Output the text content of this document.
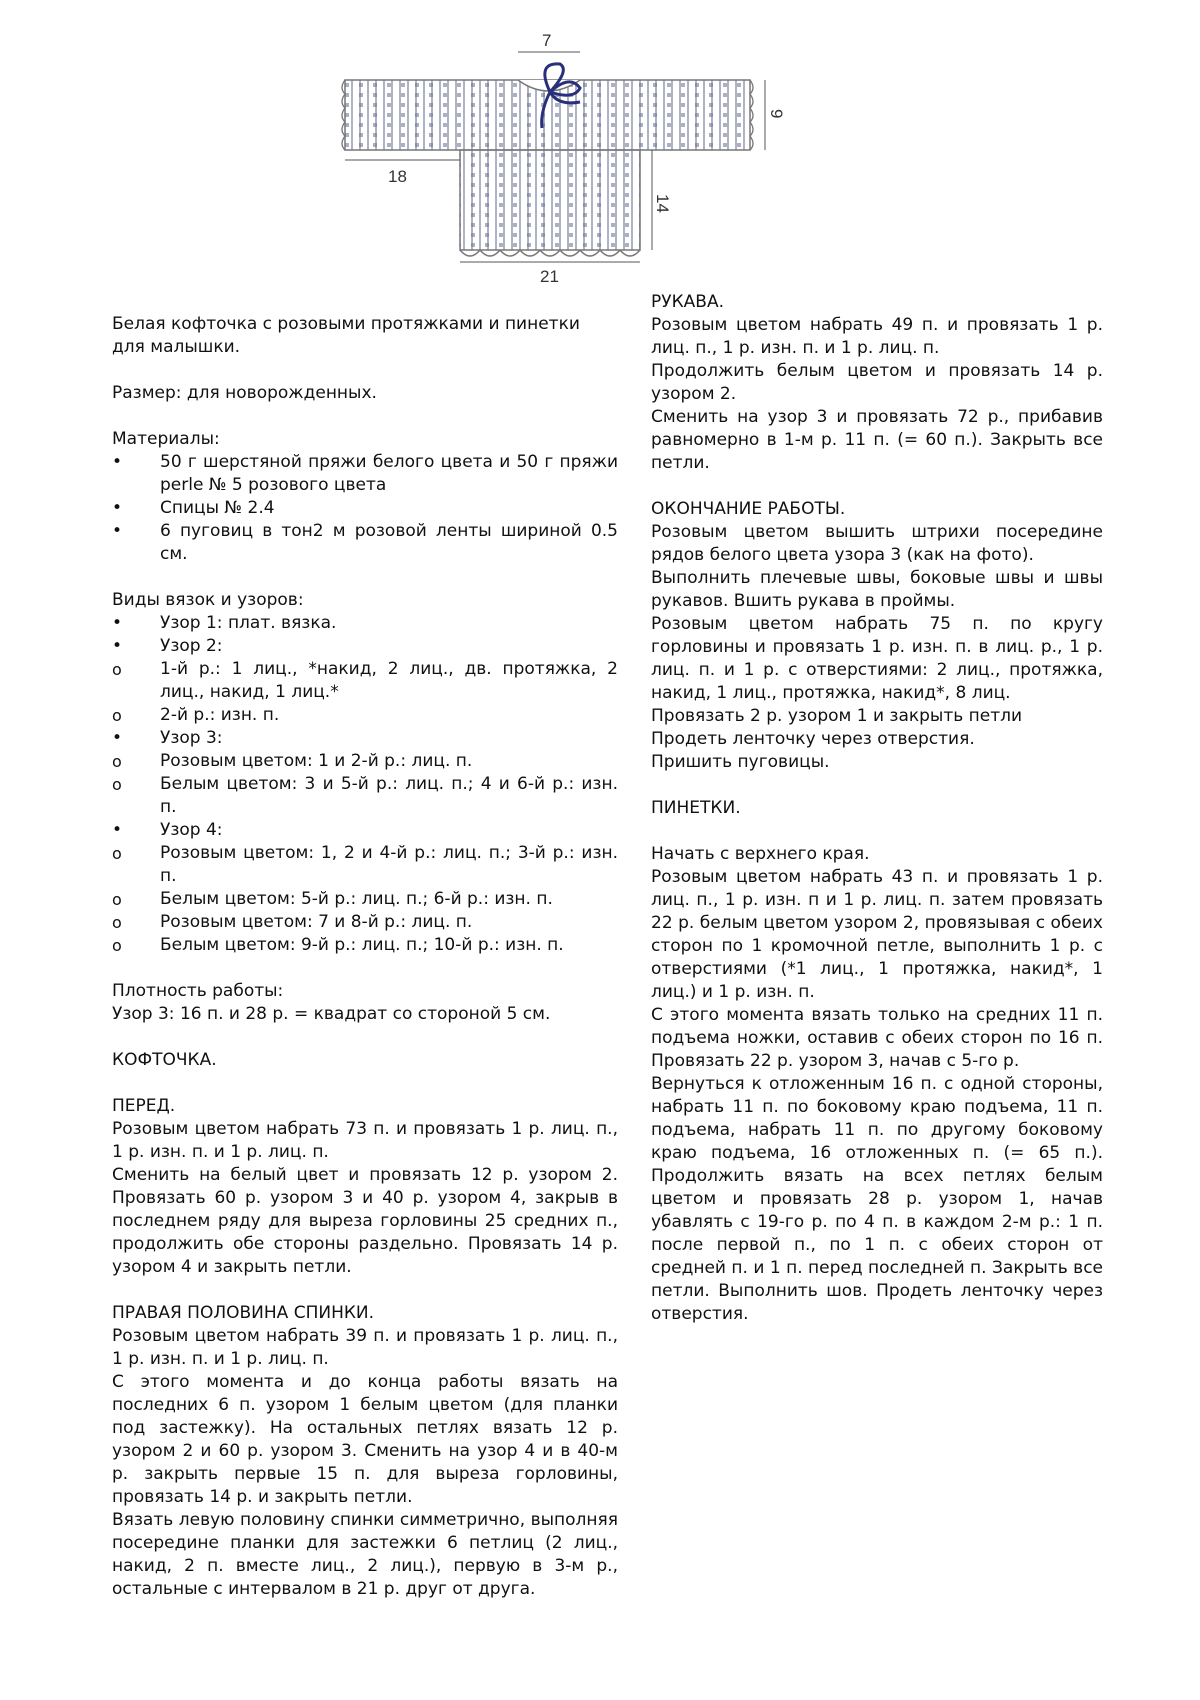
7
18
9
14
21

Белая кофточка с розовыми протяжками и пинетки

для малышки.

Размер: для новорожденных.

Материалы:

•	50 г шерстяной пряжи белого цвета и 50 г пряжи perle № 5 розового цвета
•	Спицы № 2.4
•	6 пуговиц в тон2 м розовой ленты шириной 0.5 см.

Виды вязок и узоров:

•	Узор 1: плат. вязка.
•	Узор 2:
o	1-й р.: 1 лиц., *накид, 2 лиц., дв. протяжка, 2 лиц., накид, 1 лиц.*
o	2-й р.: изн. п.
•	Узор 3:
o	Розовым цветом: 1 и 2-й р.: лиц. п.
o	Белым цветом: 3 и 5-й р.: лиц. п.; 4 и 6-й р.: изн. п.
•	Узор 4:
o	Розовым цветом: 1, 2 и 4-й р.: лиц. п.; 3-й р.: изн. п.
o	Белым цветом: 5-й р.: лиц. п.; 6-й р.: изн. п.
o	Розовым цветом: 7 и 8-й р.: лиц. п.
o	Белым цветом: 9-й р.: лиц. п.; 10-й р.: изн. п.

Плотность работы:

Узор 3: 16 п. и 28 р. = квадрат со стороной 5 см.

КОФТОЧКА.

ПЕРЕД.

Розовым цветом набрать 73 п. и провязать 1 р. лиц. п., 1 р. изн. п. и 1 р. лиц. п.

Сменить на белый цвет и провязать 12 р. узором 2. Провязать 60 р. узором 3 и 40 р. узором 4, закрыв в последнем ряду для выреза горловины 25 средних п., продолжить обе стороны раздельно. Провязать 14 р. узором 4 и закрыть петли.

ПРАВАЯ ПОЛОВИНА СПИНКИ.

Розовым цветом набрать 39 п. и провязать 1 р. лиц. п., 1 р. изн. п. и 1 р. лиц. п.

С этого момента и до конца работы вязать на последних 6 п. узором 1 белым цветом (для планки под застежку). На остальных петлях вязать 12 р. узором 2 и 60 р. узором 3. Сменить на узор 4 и в 40-м р. закрыть первые 15 п. для выреза горловины, провязать 14 р. и закрыть петли.

Вязать левую половину спинки симметрично, выполняя посередине планки для застежки 6 петлиц (2 лиц., накид, 2 п. вместе лиц., 2 лиц.), первую в 3-м р., остальные с интервалом в 21 р. друг от друга.

РУКАВА.

Розовым цветом набрать 49 п. и провязать 1 р. лиц. п., 1 р. изн. п. и 1 р. лиц. п.

Продолжить белым цветом и провязать 14 р. узором 2.

Сменить на узор 3 и провязать 72 р., прибавив равномерно в 1-м р. 11 п. (= 60 п.). Закрыть все петли.

ОКОНЧАНИЕ РАБОТЫ.

Розовым цветом вышить штрихи посередине рядов белого цвета узора 3 (как на фото).

Выполнить плечевые швы, боковые швы и швы рукавов. Вшить рукава в проймы.

Розовым цветом набрать 75 п. по кругу горловины и провязать 1 р. изн. п. в лиц. р., 1 р. лиц. п. и 1 р. с отверстиями: 2 лиц., протяжка, накид, 1 лиц., протяжка, накид*, 8 лиц.

Провязать 2 р. узором 1 и закрыть петли

Продеть ленточку через отверстия.

Пришить пуговицы.

ПИНЕТКИ.

Начать с верхнего края.

Розовым цветом набрать 43 п. и провязать 1 р. лиц. п., 1 р. изн. п и 1 р. лиц. п. затем провязать 22 р. белым цветом узором 2, провязывая с обеих сторон по 1 кромочной петле, выполнить 1 р. с отверстиями (*1 лиц., 1 протяжка, накид*, 1 лиц.) и 1 р. изн. п.

С этого момента вязать только на средних 11 п. подъема ножки, оставив с обеих сторон по 16 п. Провязать 22 р. узором 3, начав с 5-го р.

Вернуться к отложенным 16 п. с одной стороны, набрать 11 п. по боковому краю подъема, 11 п. подъема, набрать 11 п. по другому боковому краю подъема, 16 отложенных п. (= 65 п.). Продолжить вязать на всех петлях белым цветом и провязать 28 р. узором 1, начав убавлять с 19-го р. по 4 п. в каждом 2-м р.: 1 п. после первой п., по 1 п. с обеих сторон от средней п. и 1 п. перед последней п. Закрыть все петли. Выполнить шов. Продеть ленточку через отверстия.
